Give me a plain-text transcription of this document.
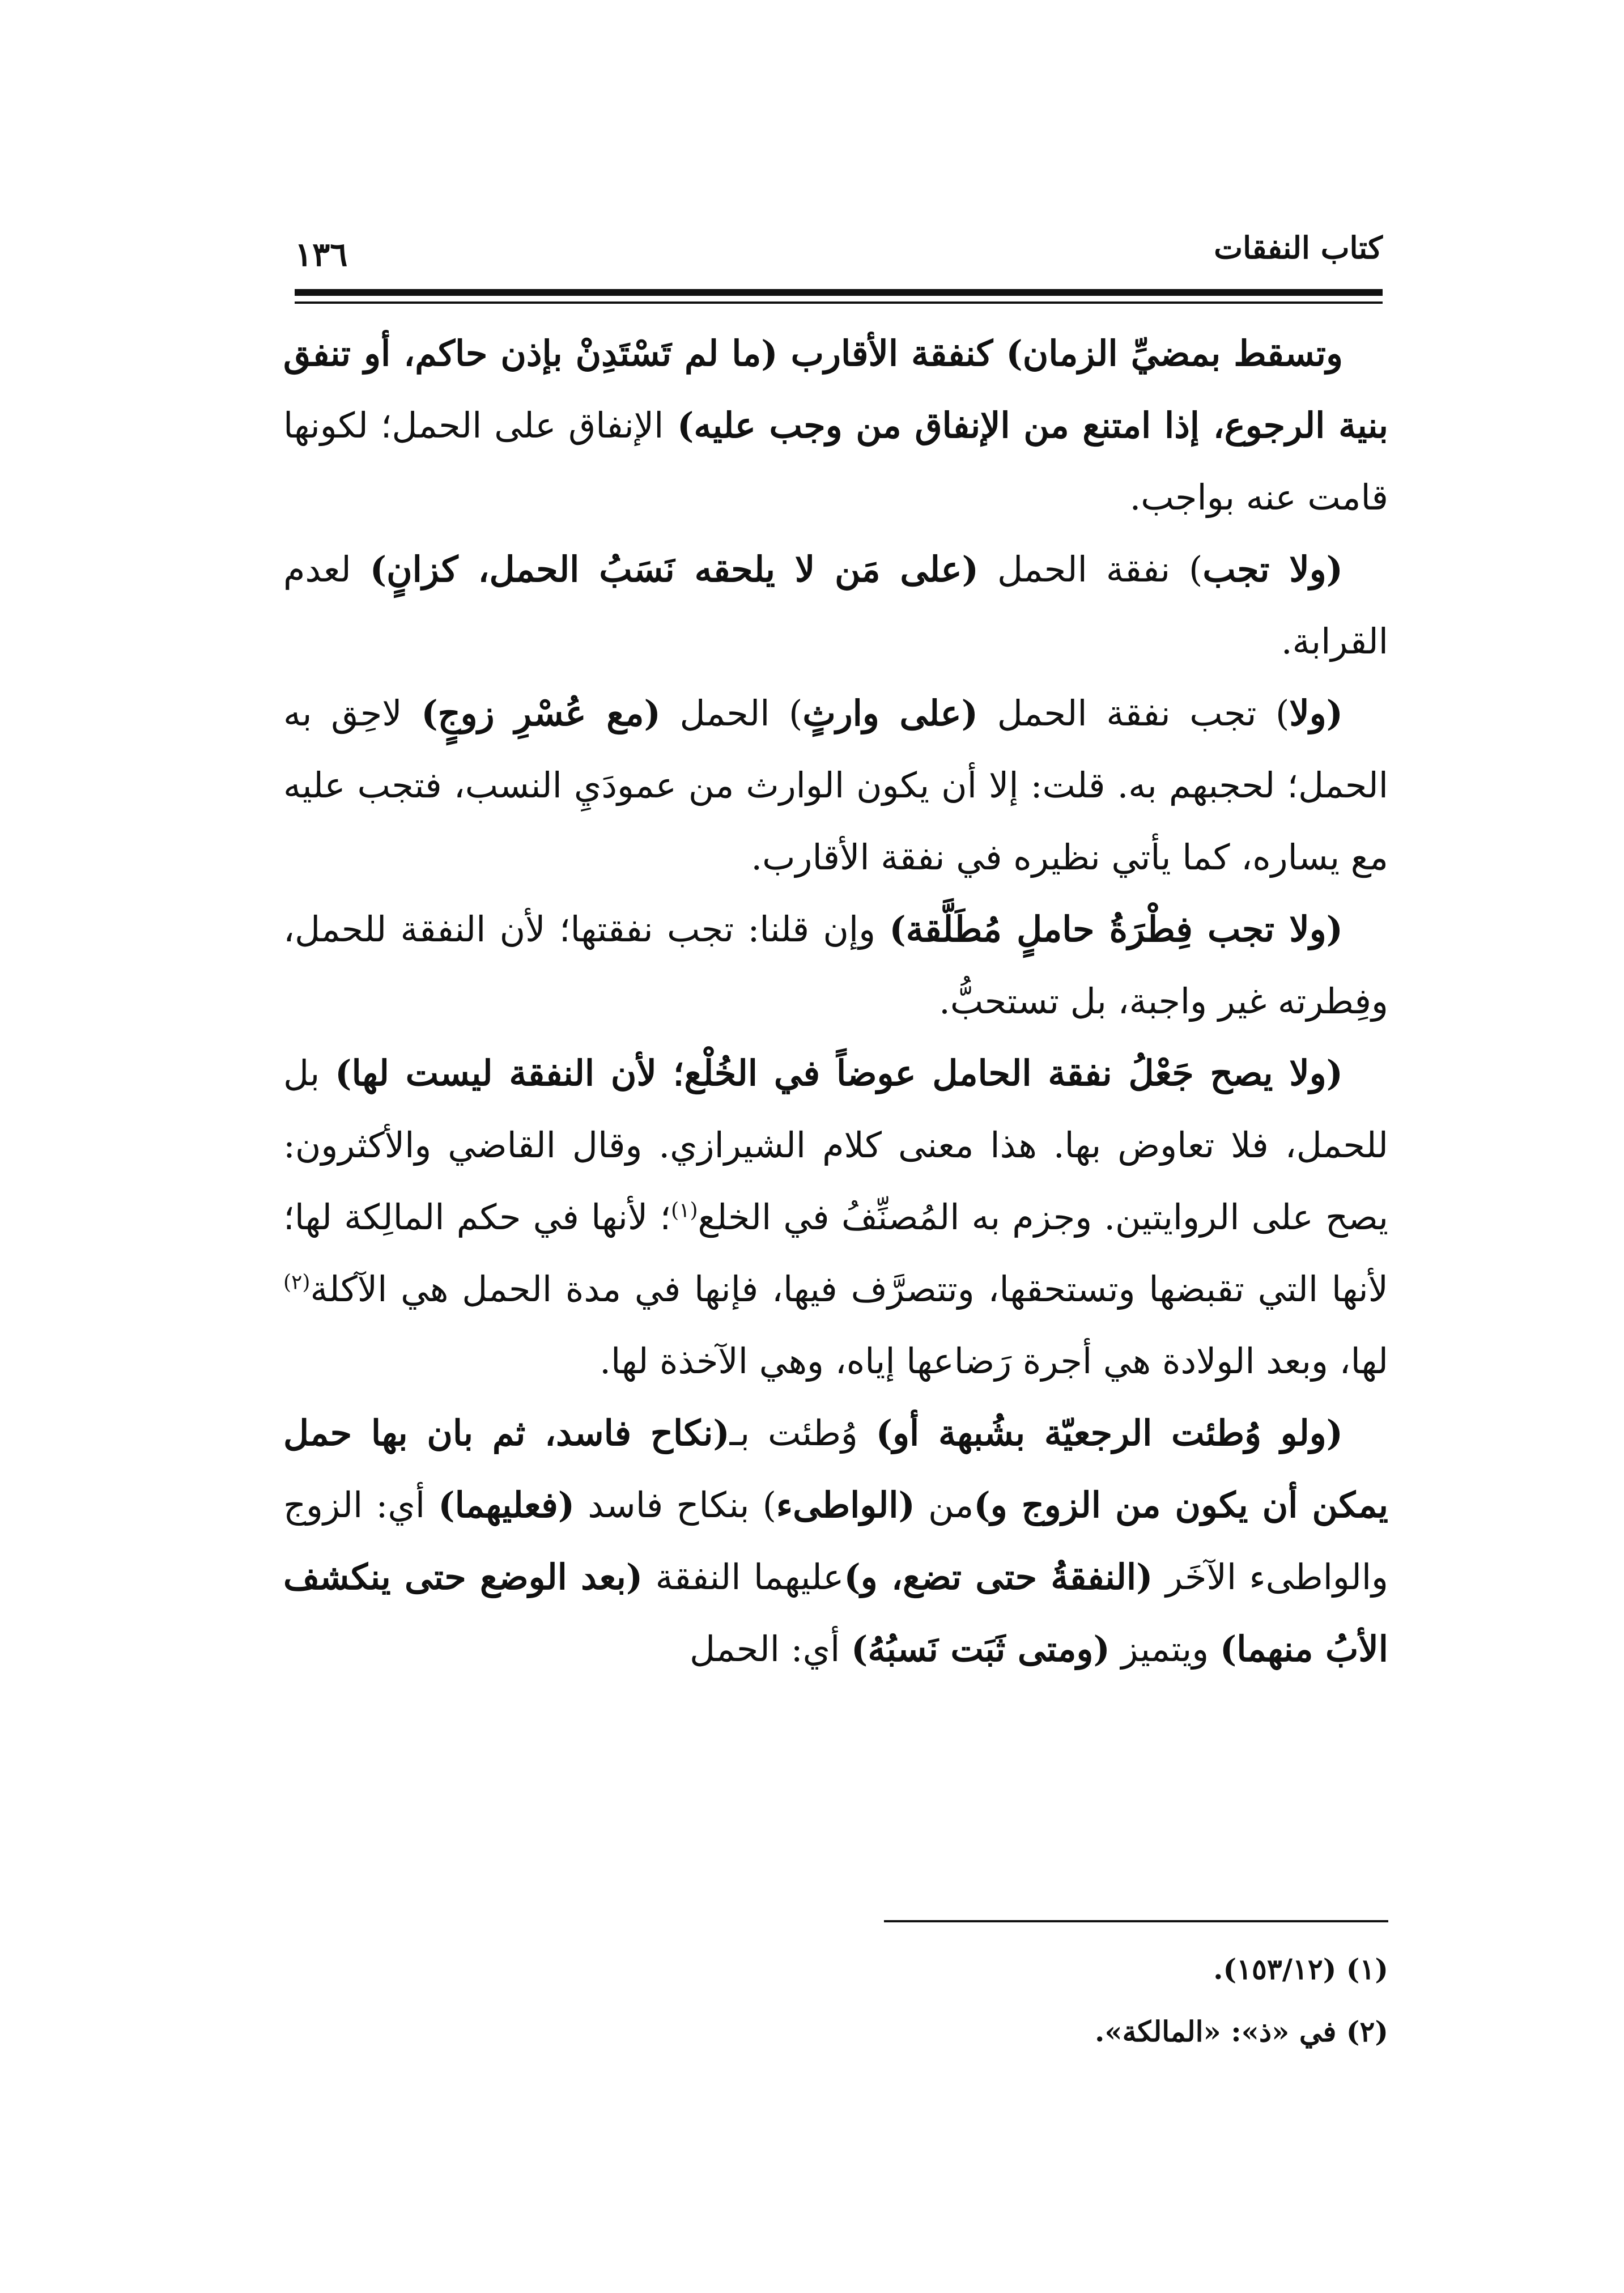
كتاب النفقات
١٣٦

وتسقط بمضيِّ الزمان) كنفقة الأقارب (ما لم تَسْتَدِنْ بإذن حاكم، أو تنفق بنية الرجوع، إذا امتنع من الإنفاق من وجب عليه) الإنفاق على الحمل؛ لكونها قامت عنه بواجب.

(ولا تجب) نفقة الحمل (على مَن لا يلحقه نَسَبُ الحمل، كزانٍ) لعدم القرابة.

(ولا) تجب نفقة الحمل (على وارثٍ) الحمل (مع عُسْرِ زوجٍ) لاحِق به الحمل؛ لحجبهم به. قلت: إلا أن يكون الوارث من عمودَيِ النسب، فتجب عليه مع يساره، كما يأتي نظيره في نفقة الأقارب.

(ولا تجب فِطْرَةُ حاملٍ مُطَلَّقة) وإن قلنا: تجب نفقتها؛ لأن النفقة للحمل، وفِطرته غير واجبة، بل تستحبُّ.

(ولا يصح جَعْلُ نفقة الحامل عوضاً في الخُلْع؛ لأن النفقة ليست لها) بل للحمل، فلا تعاوض بها. هذا معنى كلام الشيرازي. وقال القاضي والأكثرون: يصح على الروايتين. وجزم به المُصنِّفُ في الخلع$^{(١)}$؛ لأنها في حكم المالِكة لها؛ لأنها التي تقبضها وتستحقها، وتتصرَّف فيها، فإنها في مدة الحمل هي الآكلة$^{(٢)}$ لها، وبعد الولادة هي أجرة رَضاعها إياه، وهي الآخذة لها.

(ولو وُطئت الرجعيّة بشُبهة أو) وُطئت بـ(نكاح فاسد، ثم بان بها حمل يمكن أن يكون من الزوج و)من (الواطىء) بنكاح فاسد (فعليهما) أي: الزوج والواطىء الآخَر (النفقةُ حتى تضع، و)عليهما النفقة (بعد الوضع حتى ينكشف الأبُ منهما) ويتميز (ومتى ثَبَت نَسبُهُ) أي: الحمل

(١) (١٥٣/١٢).

(٢) في «ذ»: «المالكة».
